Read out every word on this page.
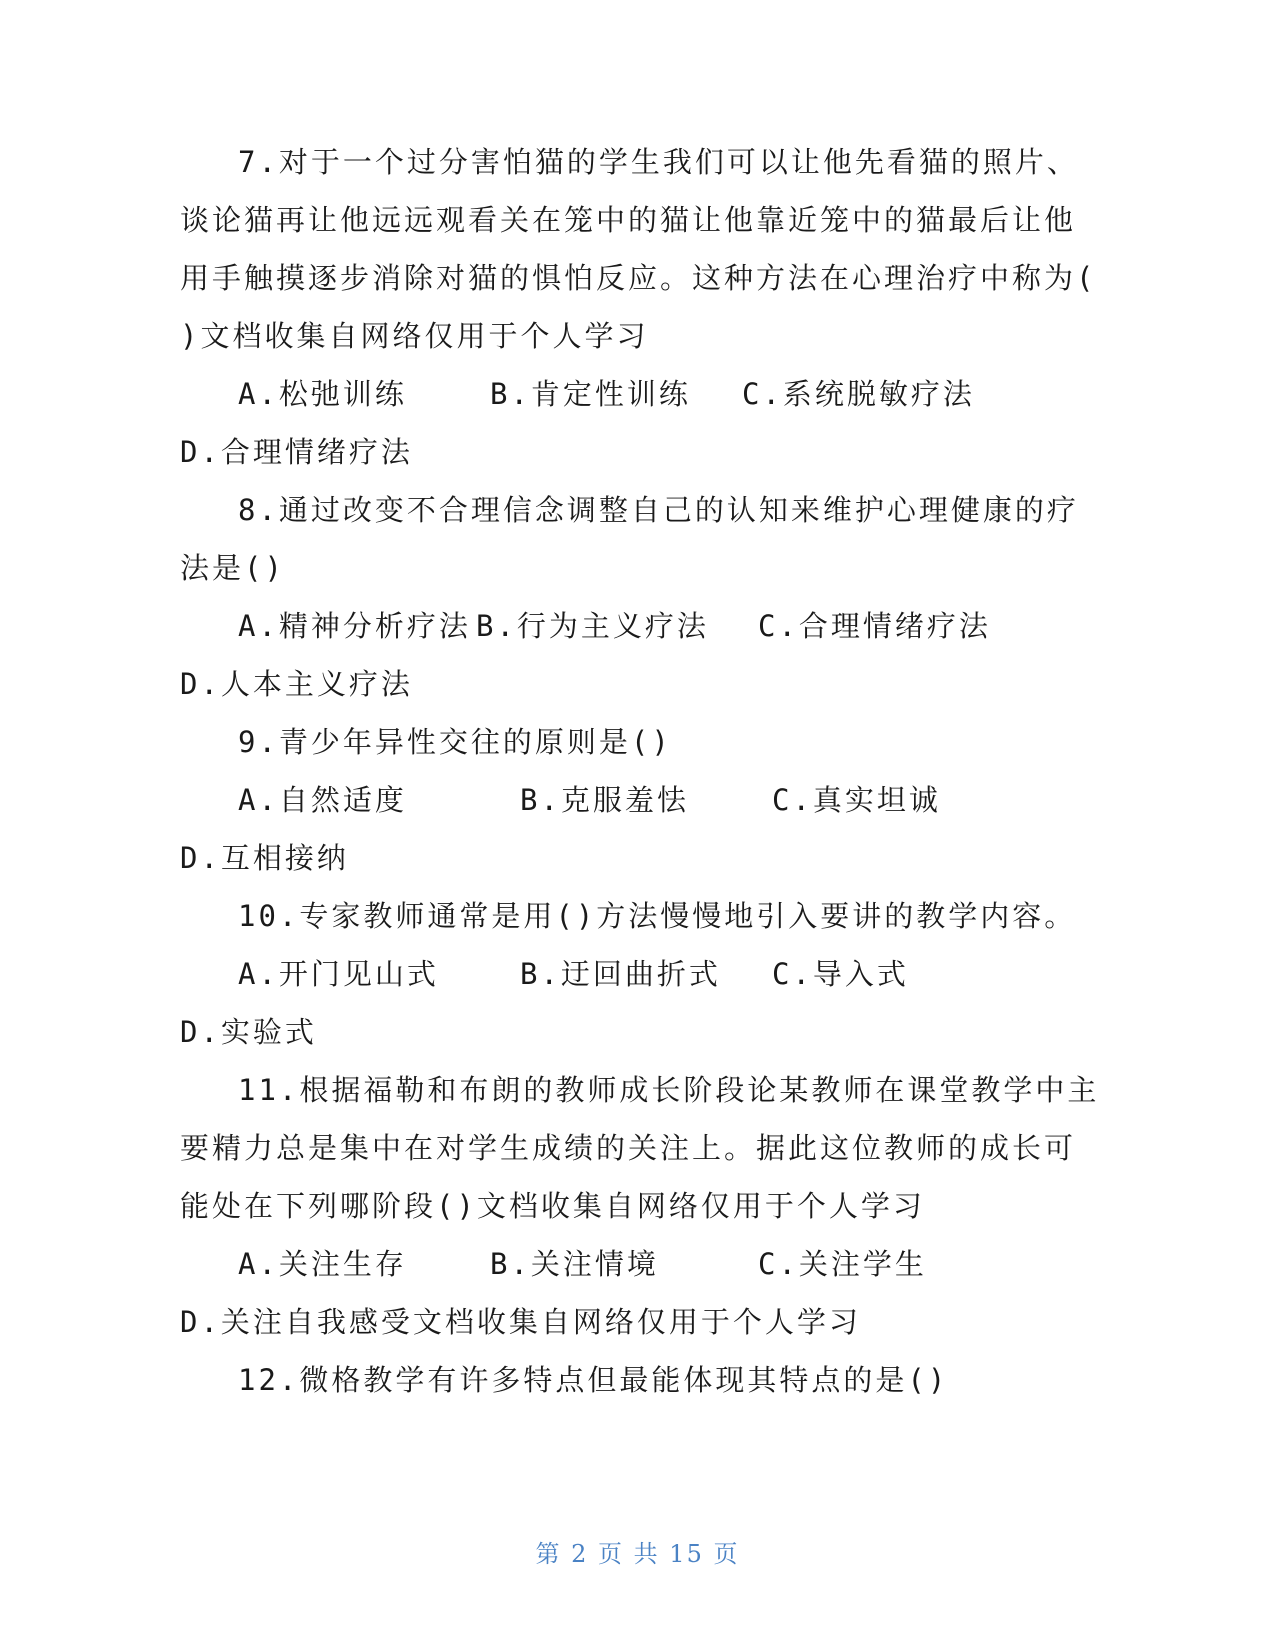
7.对于一个过分害怕猫的学生我们可以让他先看猫的照片、
谈论猫再让他远远观看关在笼中的猫让他靠近笼中的猫最后让他
用手触摸逐步消除对猫的惧怕反应。这种方法在心理治疗中称为(
)文档收集自网络仅用于个人学习
A.松弛训练	B.肯定性训练 C.系统脱敏疗法
D.合理情绪疗法
8.通过改变不合理信念调整自己的认知来维护心理健康的疗
法是()
A.精神分析疗法 B.行为主义疗法 C.合理情绪疗法
D.人本主义疗法
9.青少年异性交往的原则是()
A.自然适度	B.克服羞怯	C.真实坦诚
D.互相接纳
10.专家教师通常是用()方法慢慢地引入要讲的教学内容。
A.开门见山式	B.迂回曲折式 C.导入式
D.实验式
11.根据福勒和布朗的教师成长阶段论某教师在课堂教学中主
要精力总是集中在对学生成绩的关注上。据此这位教师的成长可
能处在下列哪阶段()文档收集自网络仅用于个人学习
A.关注生存	B.关注情境	C.关注学生
D.关注自我感受文档收集自网络仅用于个人学习
12.微格教学有许多特点但最能体现其特点的是()
第 2 页 共 15 页
